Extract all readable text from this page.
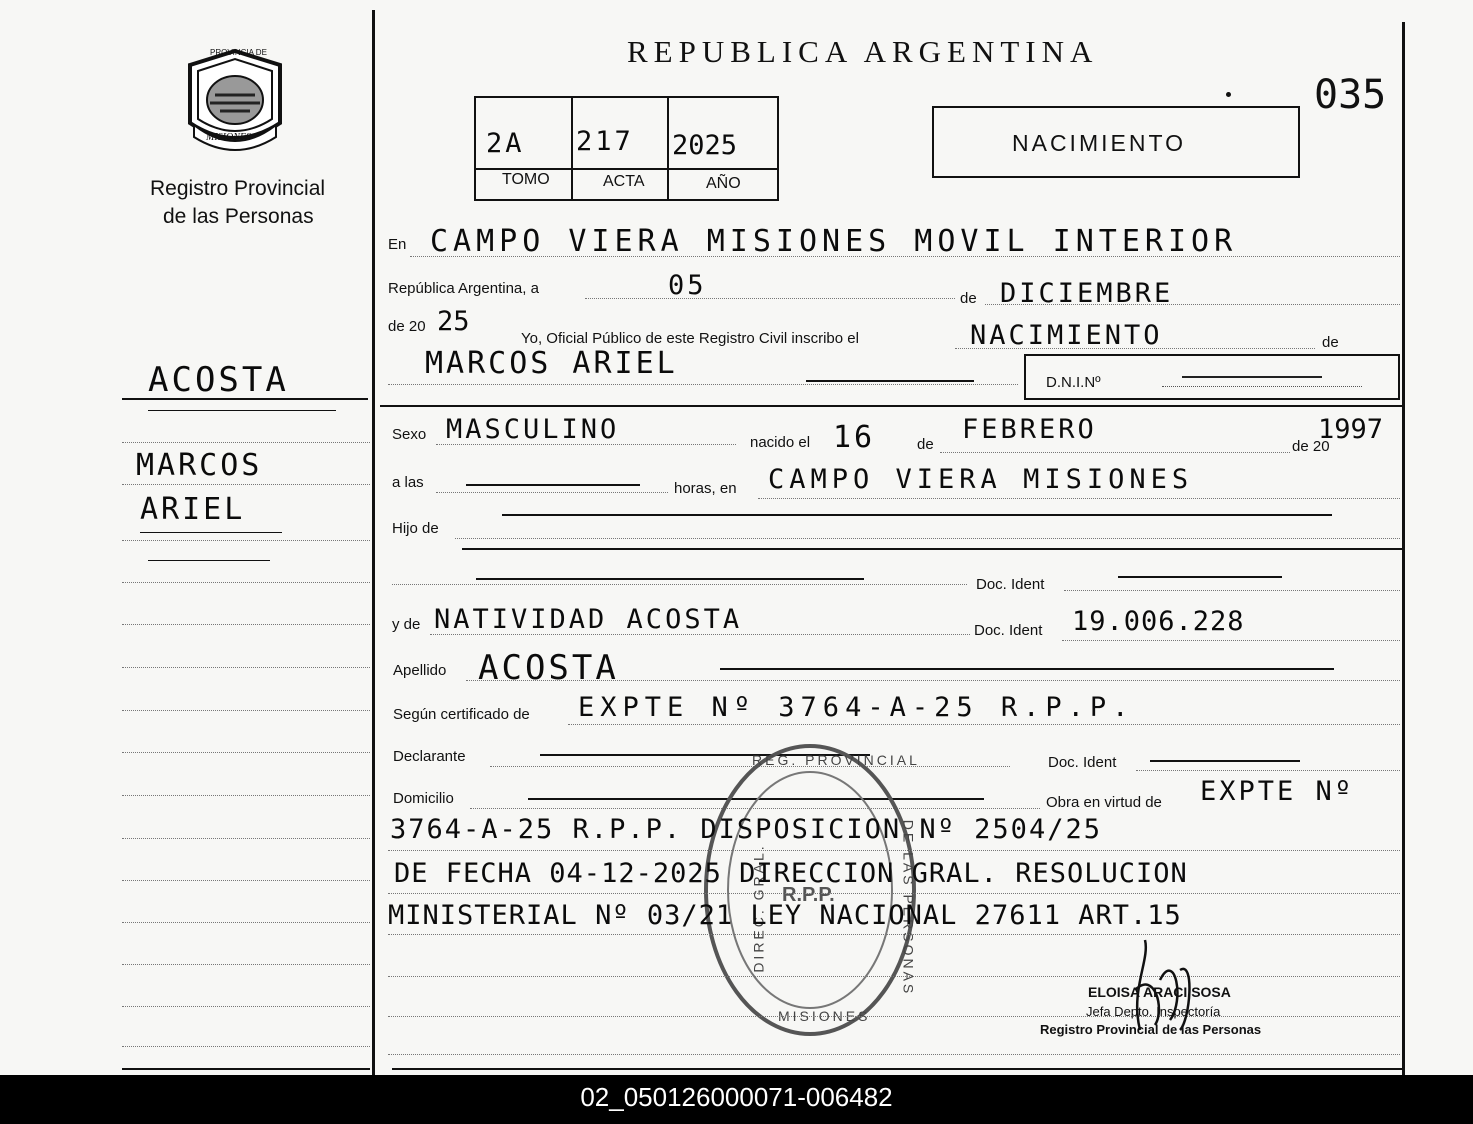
PROVINCIA DE
MISIONES
Registro Provincial
de las Personas
REPUBLICA ARGENTINA
035
2A 217 2025
TOMO	ACTA	AÑO
NACIMIENTO
ACOSTA
MARCOS
ARIEL
En CAMPO VIERA MISIONES MOVIL INTERIOR
República Argentina, a	05	de DICIEMBRE
de 20 25
Yo, Oficial Público de este Registro Civil inscribo el	NACIMIENTO	de
MARCOS ARIEL
D.N.I.Nº
Sexo MASCULINO	nacido el 16	de FEBRERO
de 20
1997
a las	horas, en CAMPO VIERA MISIONES
Hijo de
Doc. Ident
y de NATIVIDAD ACOSTA	Doc. Ident 19.006.228
Apellido ACOSTA
Según certificado de EXPTE Nº 3764-A-25 R.P.P.
Declarante	Doc. Ident
Domicilio	Obra en virtud de EXPTE Nº
REG. PROVINCIAL
DIREC. GRAL.	DE LAS PERSONAS
R.P.P.
MISIONES
3764-A-25 R.P.P. DISPOSICION Nº 2504/25
DE FECHA 04-12-2025 DIRECCION GRAL. RESOLUCION
MINISTERIAL Nº 03/21 LEY NACIONAL 27611 ART.15
ELOISA ARACI SOSA
Jefa Depto. Inspectoría
Registro Provincial de las Personas
02_050126000071-006482
